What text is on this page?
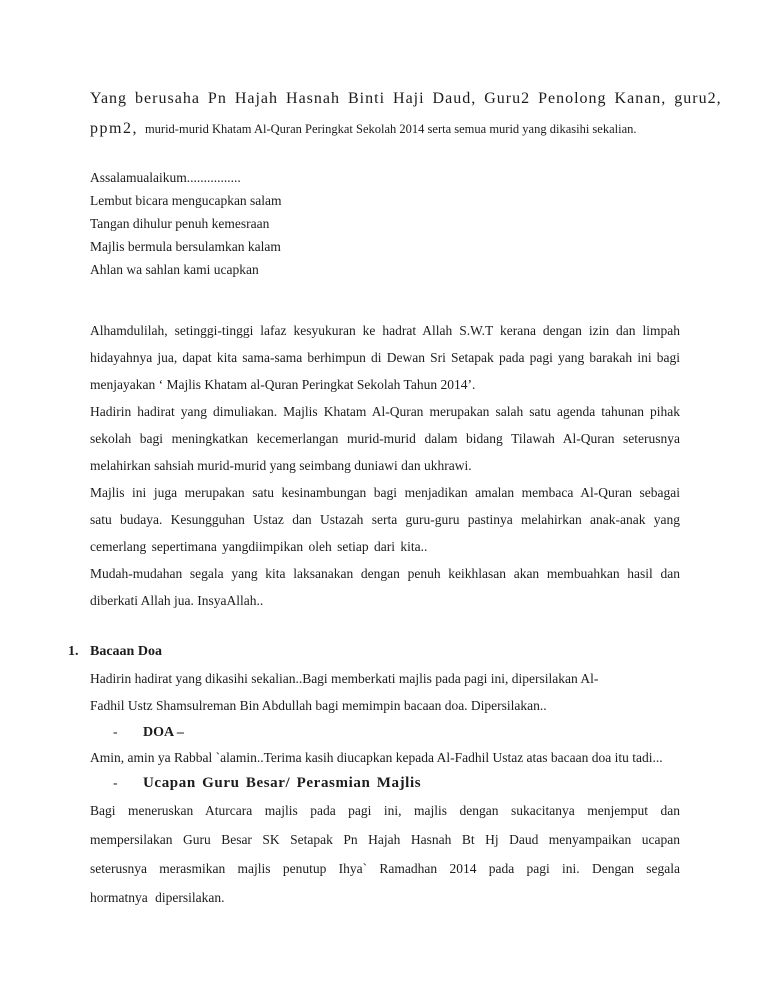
Yang berusaha Pn Hajah Hasnah Binti Haji Daud, Guru2 Penolong Kanan, guru2,
ppm2, murid-murid Khatam Al-Quran Peringkat Sekolah 2014 serta semua murid yang dikasihi sekalian.
Assalamualaikum................
Lembut bicara mengucapkan salam
Tangan dihulur penuh kemesraan
Majlis bermula bersulamkan kalam
Ahlan wa sahlan kami ucapkan

Alhamdulilah, setinggi-tinggi lafaz kesyukuran ke hadrat Allah S.W.T kerana dengan izin dan limpah hidayahnya jua, dapat kita sama-sama berhimpun di Dewan Sri Setapak pada pagi yang barakah ini bagi menjayakan ‘ Majlis Khatam al-Quran Peringkat Sekolah Tahun 2014’.

Hadirin hadirat yang dimuliakan. Majlis Khatam Al-Quran merupakan salah satu agenda tahunan pihak sekolah bagi meningkatkan kecemerlangan murid-murid dalam bidang Tilawah Al-Quran seterusnya melahirkan sahsiah murid-murid yang seimbang duniawi dan ukhrawi.

Majlis ini juga merupakan satu kesinambungan bagi menjadikan amalan membaca Al-Quran sebagai satu budaya. Kesungguhan Ustaz dan Ustazah serta guru-guru pastinya melahirkan anak-anak yang cemerlang sepertimana yangdiimpikan oleh setiap dari kita..

Mudah-mudahan segala yang kita laksanakan dengan penuh keikhlasan akan membuahkan hasil dan diberkati Allah jua. InsyaAllah..

1. Bacaan Doa

Hadirin hadirat yang dikasihi sekalian..Bagi memberkati majlis pada pagi ini, dipersilakan Al-Fadhil Ustz Shamsulreman Bin Abdullah bagi memimpin bacaan doa. Dipersilakan..

-	DOA –

Amin, amin ya Rabbal `alamin..Terima kasih diucapkan kepada Al-Fadhil Ustaz atas bacaan doa itu tadi...

-	Ucapan Guru Besar/ Perasmian Majlis

Bagi meneruskan Aturcara majlis pada pagi ini, majlis dengan sukacitanya menjemput dan mempersilakan Guru Besar SK Setapak Pn Hajah Hasnah Bt Hj Daud menyampaikan ucapan seterusnya merasmikan majlis penutup Ihya` Ramadhan 2014 pada pagi ini. Dengan segala hormatnya dipersilakan.
